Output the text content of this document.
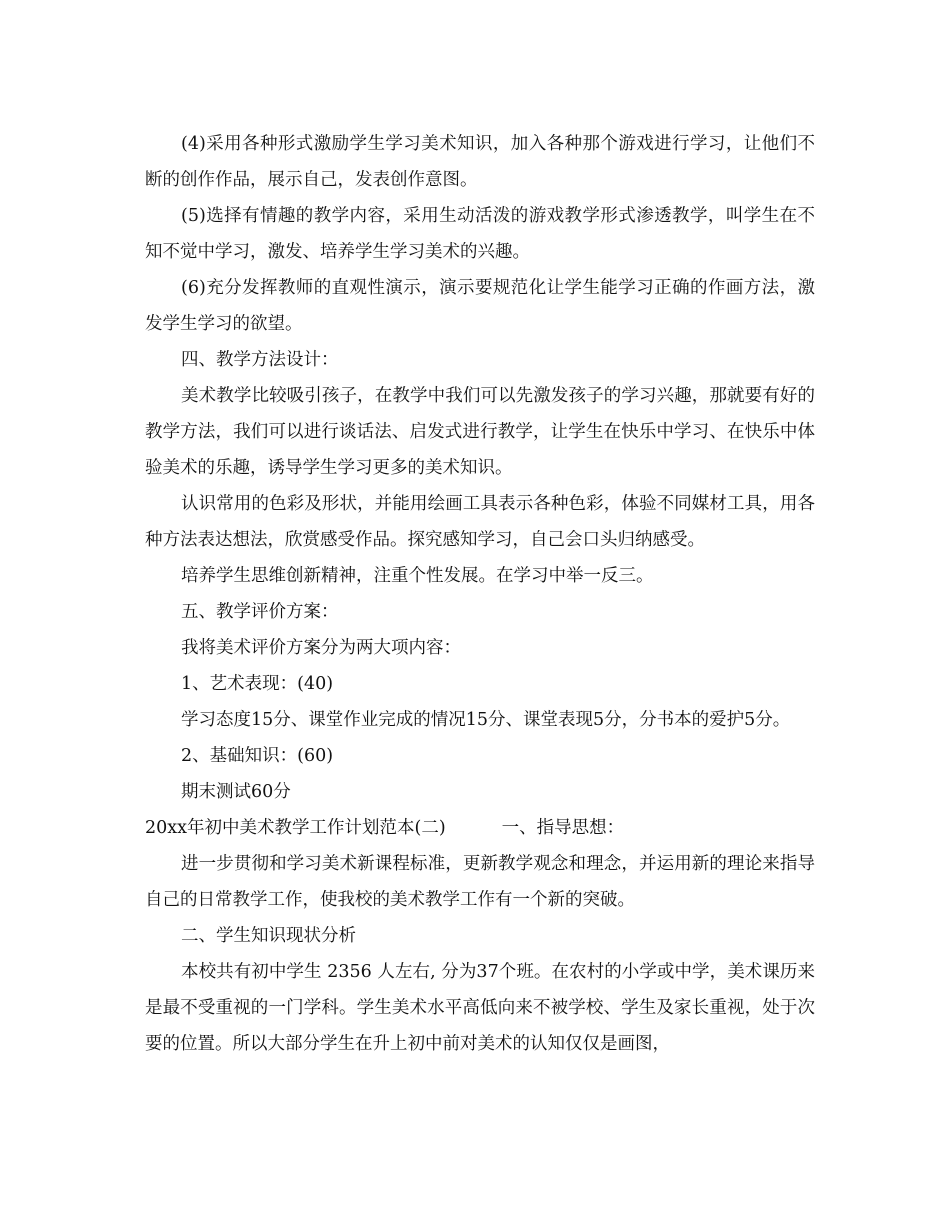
(4)采用各种形式激励学生学习美术知识，加入各种那个游戏进行学习，让他们不断的创作作品，展示自己，发表创作意图。

(5)选择有情趣的教学内容，采用生动活泼的游戏教学形式渗透教学，叫学生在不知不觉中学习，激发、培养学生学习美术的兴趣。

(6)充分发挥教师的直观性演示，演示要规范化让学生能学习正确的作画方法，激发学生学习的欲望。

四、教学方法设计：

美术教学比较吸引孩子，在教学中我们可以先激发孩子的学习兴趣，那就要有好的教学方法，我们可以进行谈话法、启发式进行教学，让学生在快乐中学习、在快乐中体验美术的乐趣，诱导学生学习更多的美术知识。

认识常用的色彩及形状，并能用绘画工具表示各种色彩，体验不同媒材工具，用各种方法表达想法，欣赏感受作品。探究感知学习，自己会口头归纳感受。

培养学生思维创新精神，注重个性发展。在学习中举一反三。

五、教学评价方案：

我将美术评价方案分为两大项内容：

1、艺术表现：(40)

学习态度15分、课堂作业完成的情况15分、课堂表现5分，分书本的爱护5分。

2、基础知识：(60)

期末测试60分

20xx年初中美术教学工作计划范本(二)	一、指导思想：

进一步贯彻和学习美术新课程标准，更新教学观念和理念，并运用新的理论来指导自己的日常教学工作，使我校的美术教学工作有一个新的突破。

二、学生知识现状分析

本校共有初中学生 2356 人左右, 分为37个班。在农村的小学或中学，美术课历来是最不受重视的一门学科。学生美术水平高低向来不被学校、学生及家长重视，处于次要的位置。所以大部分学生在升上初中前对美术的认知仅仅是画图，
